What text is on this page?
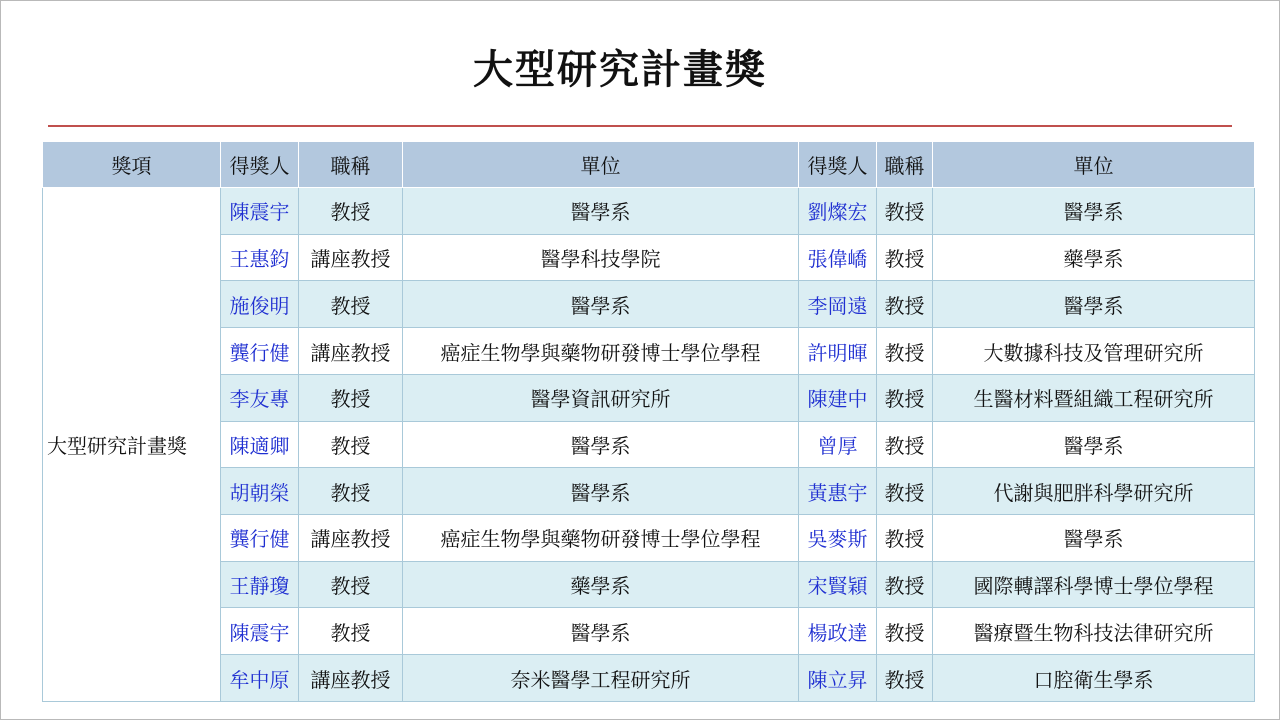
大型研究計畫獎
獎項	得獎人	職稱	單位	得獎人	職稱	單位
大型研究計畫獎	陳震宇	教授	醫學系	劉燦宏	教授	醫學系
	王惠鈞	講座教授	醫學科技學院	張偉嶠	教授	藥學系
	施俊明	教授	醫學系	李岡遠	教授	醫學系
	龔行健	講座教授	癌症生物學與藥物研發博士學位學程	許明暉	教授	大數據科技及管理研究所
	李友專	教授	醫學資訊研究所	陳建中	教授	生醫材料暨組織工程研究所
	陳適卿	教授	醫學系	曾厚	教授	醫學系
	胡朝榮	教授	醫學系	黃惠宇	教授	代謝與肥胖科學研究所
	龔行健	講座教授	癌症生物學與藥物研發博士學位學程	吳麥斯	教授	醫學系
	王靜瓊	教授	藥學系	宋賢穎	教授	國際轉譯科學博士學位學程
	陳震宇	教授	醫學系	楊政達	教授	醫療暨生物科技法律研究所
	牟中原	講座教授	奈米醫學工程研究所	陳立昇	教授	口腔衛生學系
